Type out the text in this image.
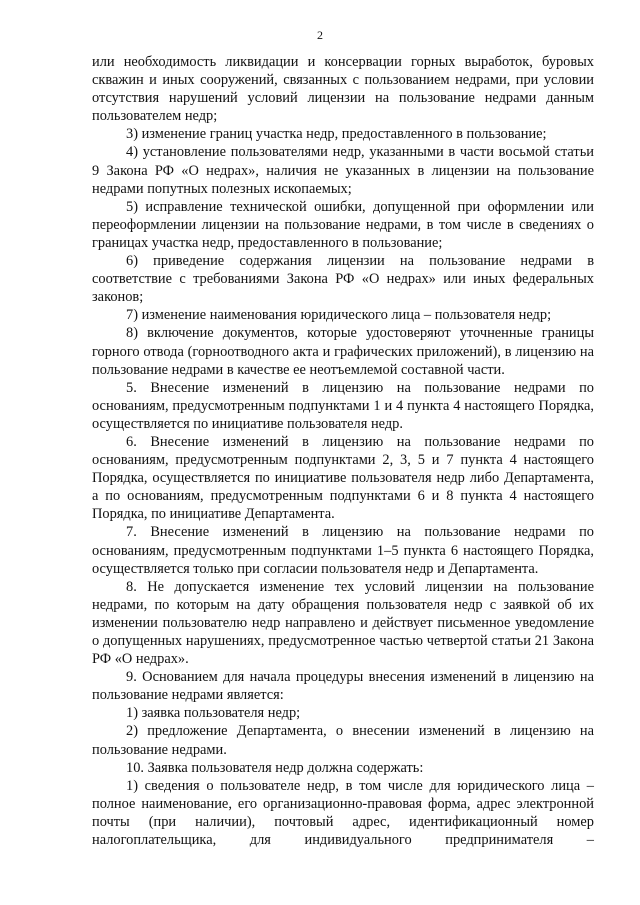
2

или необходимость ликвидации и консервации горных выработок, буровых скважин и иных сооружений, связанных с пользованием недрами, при условии отсутствия нарушений условий лицензии на пользование недрами данным пользователем недр;

3) изменение границ участка недр, предоставленного в пользование;

4) установление пользователями недр, указанными в части восьмой статьи 9 Закона РФ «О недрах», наличия не указанных в лицензии на пользование недрами попутных полезных ископаемых;

5) исправление технической ошибки, допущенной при оформлении или переоформлении лицензии на пользование недрами, в том числе в сведениях о границах участка недр, предоставленного в пользование;

6) приведение содержания лицензии на пользование недрами в соответствие с требованиями Закона РФ «О недрах» или иных федеральных законов;

7) изменение наименования юридического лица – пользователя недр;

8) включение документов, которые удостоверяют уточненные границы горного отвода (горноотводного акта и графических приложений), в лицензию на пользование недрами в качестве ее неотъемлемой составной части.

5. Внесение изменений в лицензию на пользование недрами по основаниям, предусмотренным подпунктами 1 и 4 пункта 4 настоящего Порядка, осуществляется по инициативе пользователя недр.

6. Внесение изменений в лицензию на пользование недрами по основаниям, предусмотренным подпунктами 2, 3, 5 и 7 пункта 4 настоящего Порядка, осуществляется по инициативе пользователя недр либо Департамента, а по основаниям, предусмотренным подпунктами 6 и 8 пункта 4 настоящего Порядка, по инициативе Департамента.

7. Внесение изменений в лицензию на пользование недрами по основаниям, предусмотренным подпунктами 1–5 пункта 6 настоящего Порядка, осуществляется только при согласии пользователя недр и Департамента.

8. Не допускается изменение тех условий лицензии на пользование недрами, по которым на дату обращения пользователя недр с заявкой об их изменении пользователю недр направлено и действует письменное уведомление о допущенных нарушениях, предусмотренное частью четвертой статьи 21 Закона РФ «О недрах».

9. Основанием для начала процедуры внесения изменений в лицензию на пользование недрами является:

1) заявка пользователя недр;

2) предложение Департамента, о внесении изменений в лицензию на пользование недрами.

10. Заявка пользователя недр должна содержать:

1) сведения о пользователе недр, в том числе для юридического лица – полное наименование, его организационно-правовая форма, адрес электронной почты (при наличии), почтовый адрес, идентификационный номер налогоплательщика, для индивидуального предпринимателя –
